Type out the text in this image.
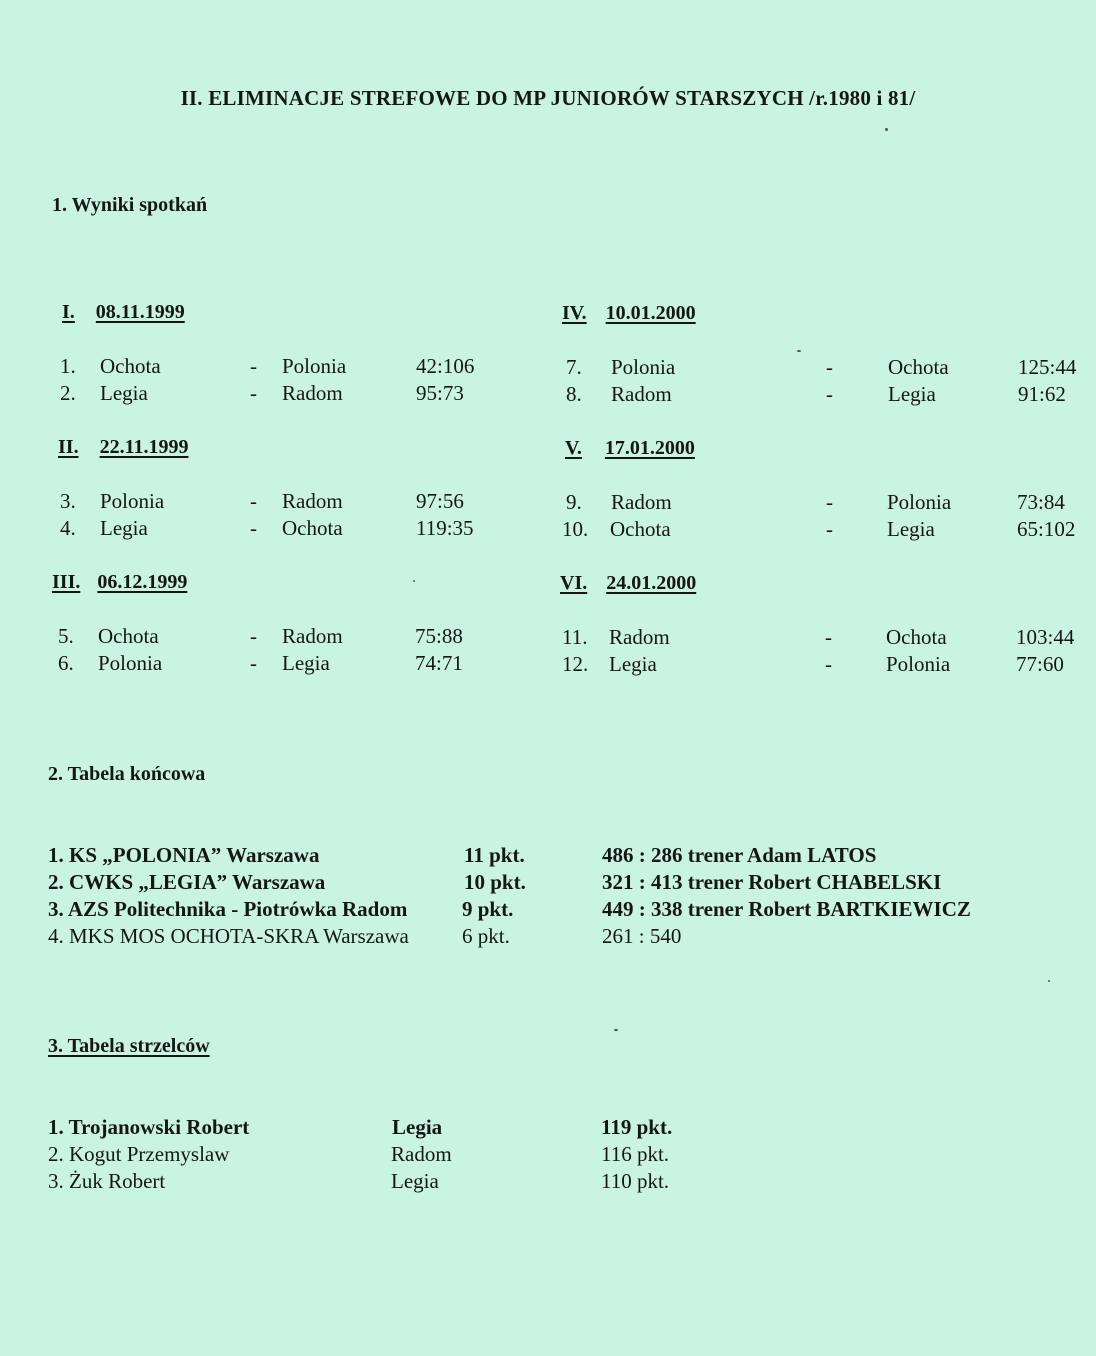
II. ELIMINACJE STREFOWE DO MP JUNIORÓW STARSZYCH /r.1980 i 81/
1. Wyniki spotkań
I. 08.11.1999
1. Ochota	- Polonia	42:106
2. Legia	- Radom	95:73
II. 22.11.1999
3. Polonia	- Radom	97:56
4. Legia	- Ochota	119:35
III. 06.12.1999
5. Ochota	- Radom	75:88
6. Polonia	- Legia	74:71
IV. 10.01.2000
7. Polonia	-	Ochota	125:44
8. Radom	-	Legia	91:62
V. 17.01.2000
9. Radom	-	Polonia	73:84
10. Ochota	-	Legia	65:102
VI. 24.01.2000
11. Radom	-	Ochota	103:44
12. Legia	-	Polonia	77:60
2. Tabela końcowa
1. KS „POLONIA” Warszawa	11 pkt.	486 : 286 trener Adam LATOS
2. CWKS „LEGIA” Warszawa	10 pkt.	321 : 413 trener Robert CHABELSKI
3. AZS Politechnika - Piotrówka Radom	9 pkt.	449 : 338 trener Robert BARTKIEWICZ
4. MKS MOS OCHOTA-SKRA Warszawa	6 pkt.	261 : 540
3. Tabela strzelców
1. Trojanowski Robert	Legia	119 pkt.
2. Kogut Przemyslaw	Radom	116 pkt.
3. Żuk Robert	Legia	110 pkt.
